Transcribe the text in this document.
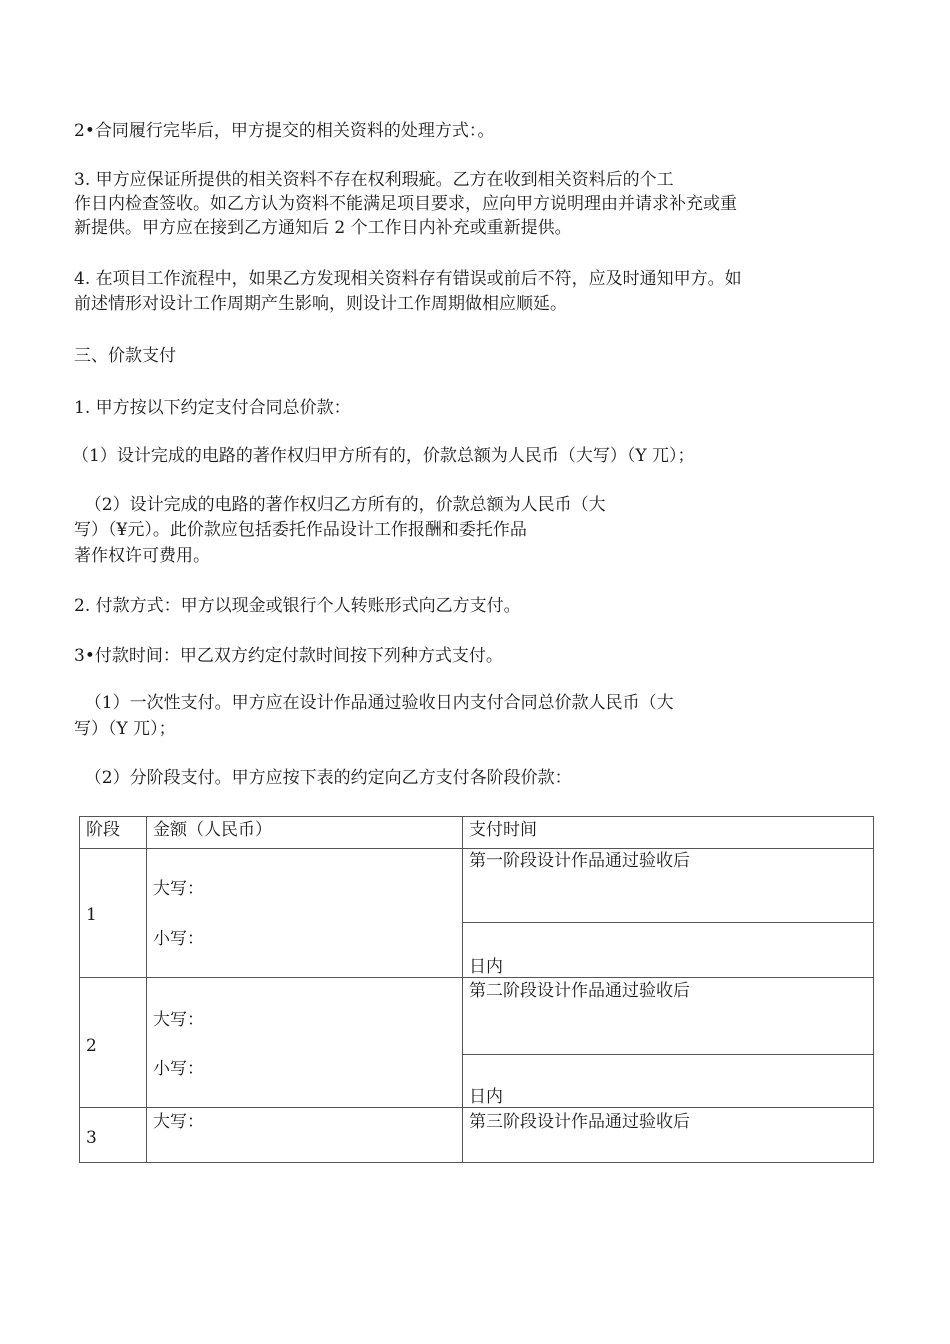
2•合同履行完毕后，甲方提交的相关资料的处理方式：。

3. 甲方应保证所提供的相关资料不存在权利瑕疵。乙方在收到相关资料后的个工

作日内检查签收。如乙方认为资料不能满足项目要求，应向甲方说明理由并请求补充或重

新提供。甲方应在接到乙方通知后 2 个工作日内补充或重新提供。

4. 在项目工作流程中，如果乙方发现相关资料存有错误或前后不符，应及时通知甲方。如

前述情形对设计工作周期产生影响，则设计工作周期做相应顺延。

三、价款支付

1. 甲方按以下约定支付合同总价款：

（1）设计完成的电路的著作权归甲方所有的，价款总额为人民币（大写）（Y 兀）；

（2）设计完成的电路的著作权归乙方所有的，价款总额为人民币（大

写）（¥元）。此价款应包括委托作品设计工作报酬和委托作品

著作权许可费用。

2. 付款方式：甲方以现金或银行个人转账形式向乙方支付。

3•付款时间：甲乙双方约定付款时间按下列种方式支付。

（1）一次性支付。甲方应在设计作品通过验收日内支付合同总价款人民币（大

写）（Y 兀）；

（2）分阶段支付。甲方应按下表的约定向乙方支付各阶段价款：

阶段 金额（人民币）	支付时间
1
大写：
小写：
第一阶段设计作品通过验收后
日内
2
大写：
小写：
第二阶段设计作品通过验收后
日内
3
大写：	第三阶段设计作品通过验收后
